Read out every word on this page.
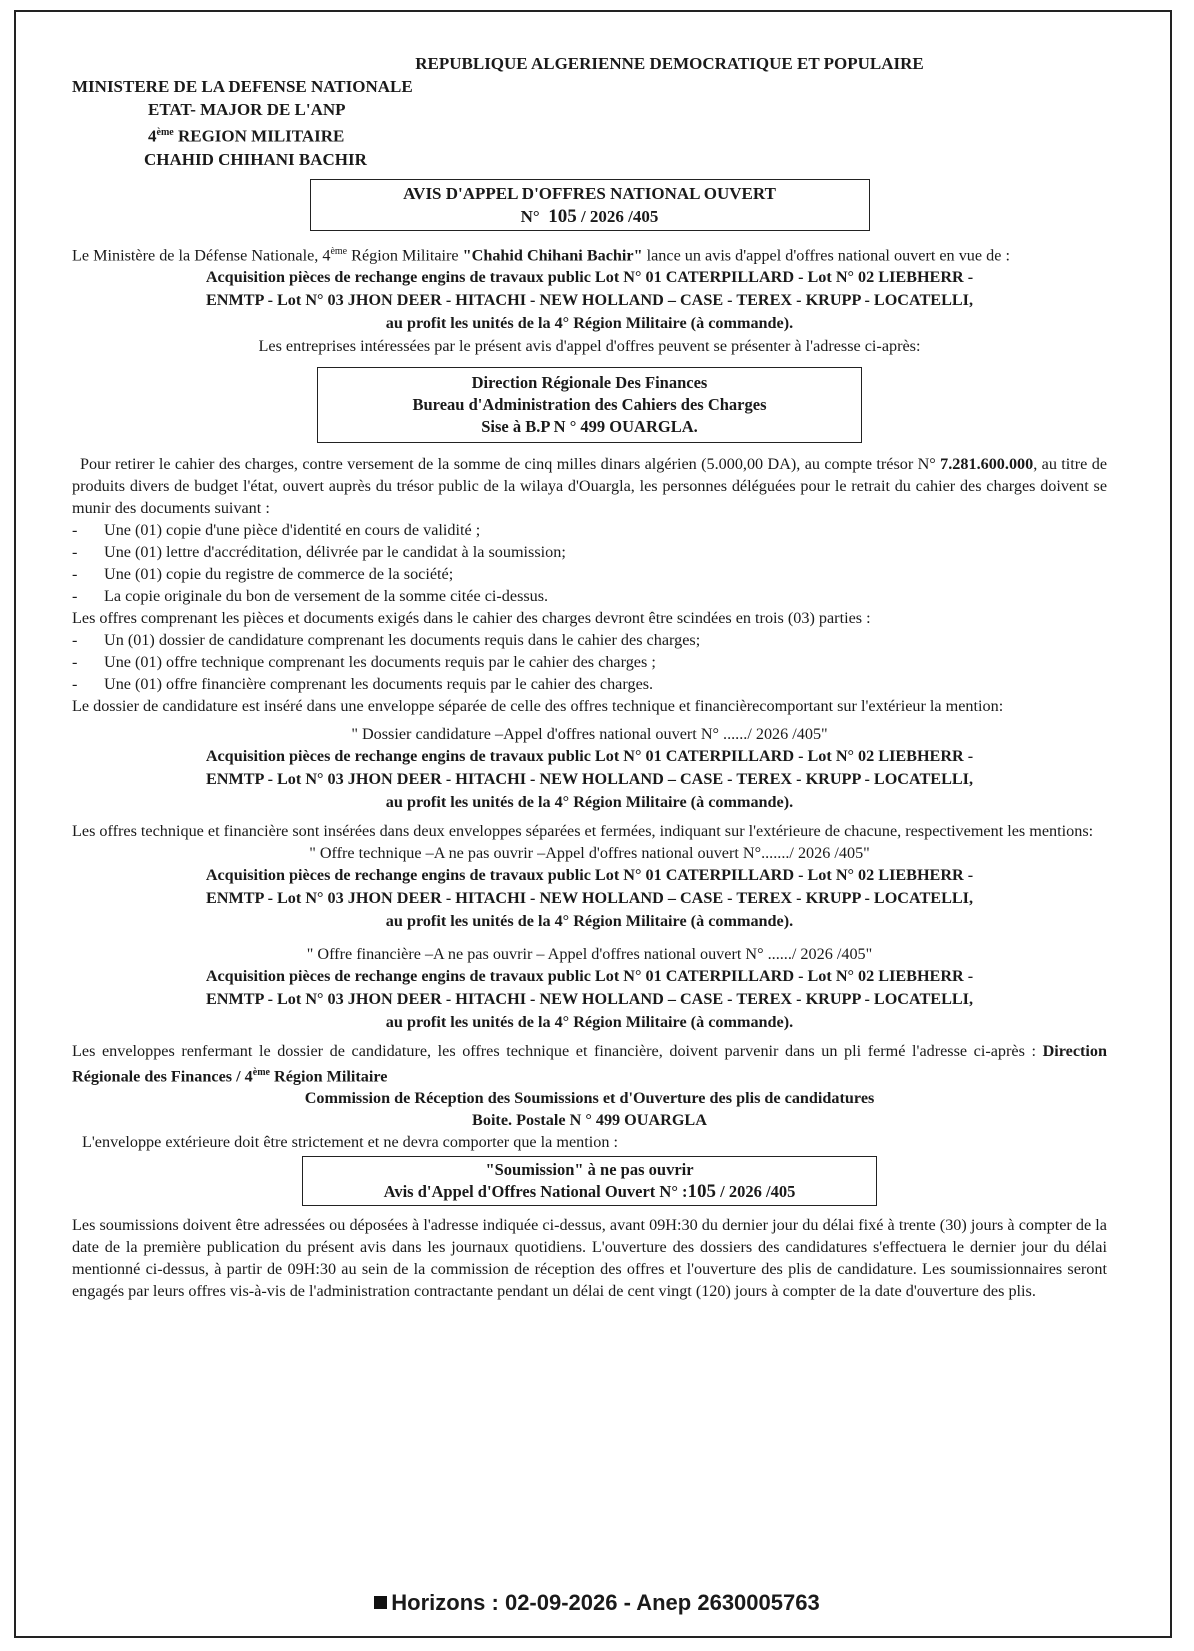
REPUBLIQUE ALGERIENNE DEMOCRATIQUE ET POPULAIRE
MINISTERE DE LA DEFENSE NATIONALE
ETAT- MAJOR DE L'ANP
4ème REGION MILITAIRE
CHAHID CHIHANI BACHIR
AVIS D'APPEL D'OFFRES NATIONAL OUVERT
N° 105 / 2026 /405
Le Ministère de la Défense Nationale, 4ème Région Militaire "Chahid Chihani Bachir" lance un avis d'appel d'offres national ouvert en vue de :
Acquisition pièces de rechange engins de travaux public Lot N° 01 CATERPILLARD - Lot N° 02 LIEBHERR -
ENMTP - Lot N° 03 JHON DEER - HITACHI - NEW HOLLAND – CASE - TEREX - KRUPP - LOCATELLI,
au profit les unités de la 4° Région Militaire (à commande).
Les entreprises intéressées par le présent avis d'appel d'offres peuvent se présenter à l'adresse ci-après:
Direction Régionale Des Finances
Bureau d'Administration des Cahiers des Charges
Sise à B.P N ° 499 OUARGLA.
Pour retirer le cahier des charges, contre versement de la somme de cinq milles dinars algérien (5.000,00 DA), au compte trésor N° 7.281.600.000, au titre de produits divers de budget l'état, ouvert auprès du trésor public de la wilaya d'Ouargla, les personnes déléguées pour le retrait du cahier des charges doivent se munir des documents suivant :
- Une (01) copie d'une pièce d'identité en cours de validité ;
- Une (01) lettre d'accréditation, délivrée par le candidat à la soumission;
- Une (01) copie du registre de commerce de la société;
- La copie originale du bon de versement de la somme citée ci-dessus.
Les offres comprenant les pièces et documents exigés dans le cahier des charges devront être scindées en trois (03) parties :
- Un (01) dossier de candidature comprenant les documents requis dans le cahier des charges;
- Une (01) offre technique comprenant les documents requis par le cahier des charges ;
- Une (01) offre financière comprenant les documents requis par le cahier des charges.
Le dossier de candidature est inséré dans une enveloppe séparée de celle des offres technique et financièrecomportant sur l'extérieur la mention:
" Dossier candidature –Appel d'offres national ouvert N° ....../ 2026 /405"
Acquisition pièces de rechange engins de travaux public Lot N° 01 CATERPILLARD - Lot N° 02 LIEBHERR -
ENMTP - Lot N° 03 JHON DEER - HITACHI - NEW HOLLAND – CASE - TEREX - KRUPP - LOCATELLI,
au profit les unités de la 4° Région Militaire (à commande).
Les offres technique et financière sont insérées dans deux enveloppes séparées et fermées, indiquant sur l'extérieure de chacune, respectivement les mentions:
" Offre technique –A ne pas ouvrir –Appel d'offres national ouvert N°......./ 2026 /405"
Acquisition pièces de rechange engins de travaux public Lot N° 01 CATERPILLARD - Lot N° 02 LIEBHERR -
ENMTP - Lot N° 03 JHON DEER - HITACHI - NEW HOLLAND – CASE - TEREX - KRUPP - LOCATELLI,
au profit les unités de la 4° Région Militaire (à commande).
" Offre financière –A ne pas ouvrir – Appel d'offres national ouvert N° ....../ 2026 /405"
Acquisition pièces de rechange engins de travaux public Lot N° 01 CATERPILLARD - Lot N° 02 LIEBHERR -
ENMTP - Lot N° 03 JHON DEER - HITACHI - NEW HOLLAND – CASE - TEREX - KRUPP - LOCATELLI,
au profit les unités de la 4° Région Militaire (à commande).
Les enveloppes renfermant le dossier de candidature, les offres technique et financière, doivent parvenir dans un pli fermé l'adresse ci-après : Direction Régionale des Finances / 4ème Région Militaire
Commission de Réception des Soumissions et d'Ouverture des plis de candidatures
Boite. Postale N ° 499 OUARGLA
L'enveloppe extérieure doit être strictement et ne devra comporter que la mention :
"Soumission" à ne pas ouvrir
Avis d'Appel d'Offres National Ouvert N° :105 / 2026 /405
Les soumissions doivent être adressées ou déposées à l'adresse indiquée ci-dessus, avant 09H:30 du dernier jour du délai fixé à trente (30) jours à compter de la date de la première publication du présent avis dans les journaux quotidiens. L'ouverture des dossiers des candidatures s'effectuera le dernier jour du délai mentionné ci-dessus, à partir de 09H:30 au sein de la commission de réception des offres et l'ouverture des plis de candidature. Les soumissionnaires seront engagés par leurs offres vis-à-vis de l'administration contractante pendant un délai de cent vingt (120) jours à compter de la date d'ouverture des plis.
Horizons : 02-09-2026 - Anep 2630005763
